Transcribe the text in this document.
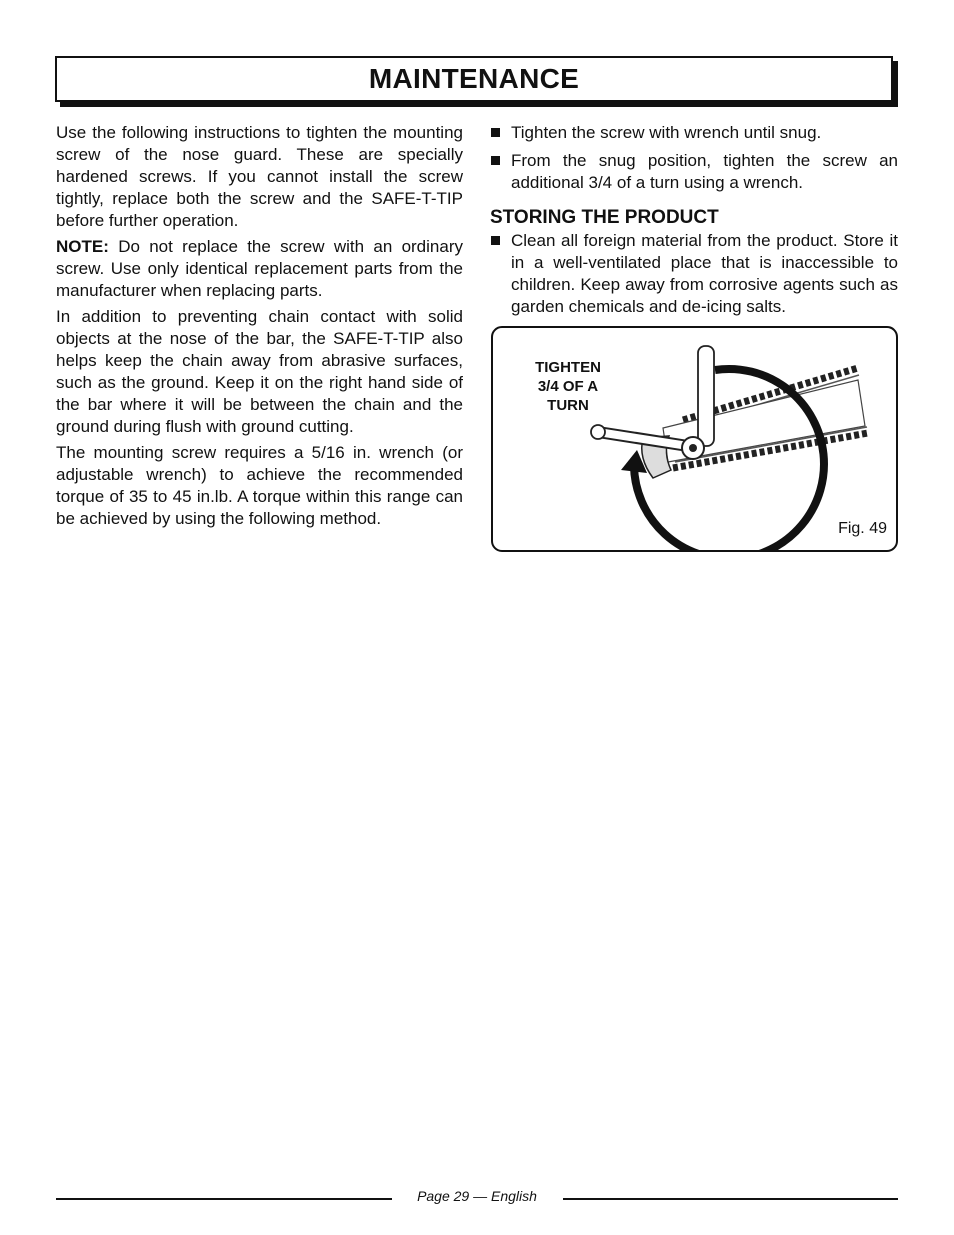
MAINTENANCE

Use the following instructions to tighten the mounting screw of the nose guard. These are specially hardened screws. If you cannot install the screw tightly, replace both the screw and the SAFE-T-TIP before further operation.

NOTE: Do not replace the screw with an ordinary screw. Use only identical replacement parts from the manufacturer when replacing parts.

In addition to preventing chain contact with solid objects at the nose of the bar, the SAFE-T-TIP also helps keep the chain away from abrasive surfaces, such as the ground. Keep it on the right hand side of the bar where it will be between the chain and the ground during flush with ground cutting.

The mounting screw requires a 5/16 in. wrench (or adjustable wrench) to achieve the recommended torque of 35 to 45 in.lb. A torque within this range can be achieved by using the following method.

Tighten the screw with wrench until snug.
From the snug position, tighten the screw an additional 3/4 of a turn using a wrench.
STORING THE PRODUCT
Clean all foreign material from the product. Store it in a well-ventilated place that is inaccessible to children. Keep away from corrosive agents such as garden chemicals and de-icing salts.
TIGHTEN
3/4 OF A
TURN
Fig. 49
Page 29 — English
